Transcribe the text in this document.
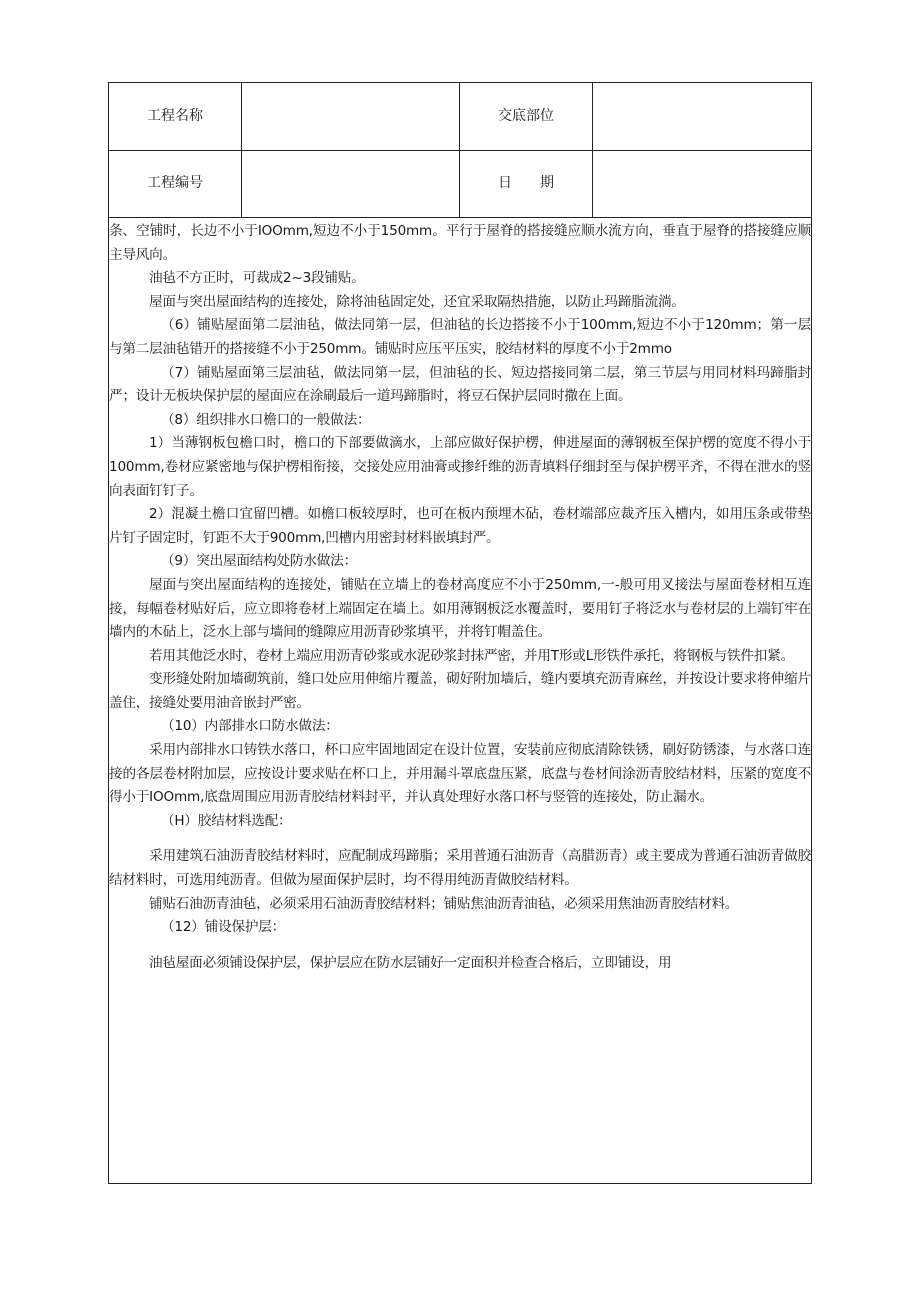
工程名称	交底部位
工程编号	日　　期

条、空铺时，长边不小于IOOmm,短边不小于150mm。平行于屋脊的搭接缝应顺水流方向，垂直于屋脊的搭接缝应顺主导风向。

油毡不方正时，可裁成2~3段铺贴。

屋面与突出屋面结构的连接处，除将油毡固定处，还宜采取隔热措施，以防止玛蹄脂流淌。

（6）铺贴屋面第二层油毡，做法同第一层，但油毡的长边搭接不小于100mm,短边不小于120mm；第一层与第二层油毡错开的搭接缝不小于250mm。铺贴时应压平压实，胶结材料的厚度不小于2mmo

（7）铺贴屋面第三层油毡，做法同第一层，但油毡的长、短边搭接同第二层，第三节层与用同材料玛蹄脂封严；设计无板块保护层的屋面应在涂刷最后一道玛蹄脂时，将豆石保护层同时撒在上面。

（8）组织排水口檐口的一般做法：

1）当薄钢板包檐口时，檐口的下部要做滴水，上部应做好保护楞，伸进屋面的薄钢板至保护楞的宽度不得小于100mm,卷材应紧密地与保护楞相衔接，交接处应用油膏或掺纤维的沥青填料仔细封至与保护楞平齐，不得在泄水的竖向表面钉钉子。

2）混凝土檐口宜留凹槽。如檐口板较厚时，也可在板内预埋木砧，卷材端部应裁齐压入槽内，如用压条或带垫片钉子固定时，钉距不大于900mm,凹槽内用密封材料嵌填封严。

（9）突出屋面结构处防水做法：

屋面与突出屋面结构的连接处，铺贴在立墙上的卷材高度应不小于250mm,一-般可用叉接法与屋面卷材相互连接，每幅卷材贴好后，应立即将卷材上端固定在墙上。如用薄钢板泛水覆盖时，要用钉子将泛水与卷材层的上端钉牢在墙内的木砧上，泛水上部与墙间的缝隙应用沥青砂浆填平，并将钉帽盖住。

若用其他泛水时，卷材上端应用沥青砂浆或水泥砂浆封抹严密，并用T形或L形铁件承托，将钢板与铁件扣紧。

变形缝处附加墙砌筑前，缝口处应用伸缩片覆盖，砌好附加墙后，缝内要填充沥青麻丝，并按设计要求将伸缩片盖住，接缝处要用油音嵌封严密。

（10）内部排水口防水做法：

采用内部排水口铸铁水落口，杯口应牢固地固定在设计位置，安装前应彻底清除铁锈，刷好防锈漆，与水落口连接的各层卷材附加层，应按设计要求贴在杯口上，并用漏斗罩底盘压紧，底盘与卷材间涂沥青胶结材料，压紧的宽度不得小于IOOmm,底盘周围应用沥青胶结材料封平，并认真处理好水落口杯与竖管的连接处，防止漏水。

（H）胶结材料选配：

采用建筑石油沥青胶结材料时，应配制成玛蹄脂；采用普通石油沥青（高腊沥青）或主要成为普通石油沥青做胶结材料时，可选用纯沥青。但做为屋面保护层时，均不得用纯沥青做胶结材料。

铺贴石油沥青油毡，必须采用石油沥青胶结材料；铺贴焦油沥青油毡，必须采用焦油沥青胶结材料。

（12）铺设保护层：

油毡屋面必须铺设保护层，保护层应在防水层铺好一定面积并检查合格后，立即铺设，用
